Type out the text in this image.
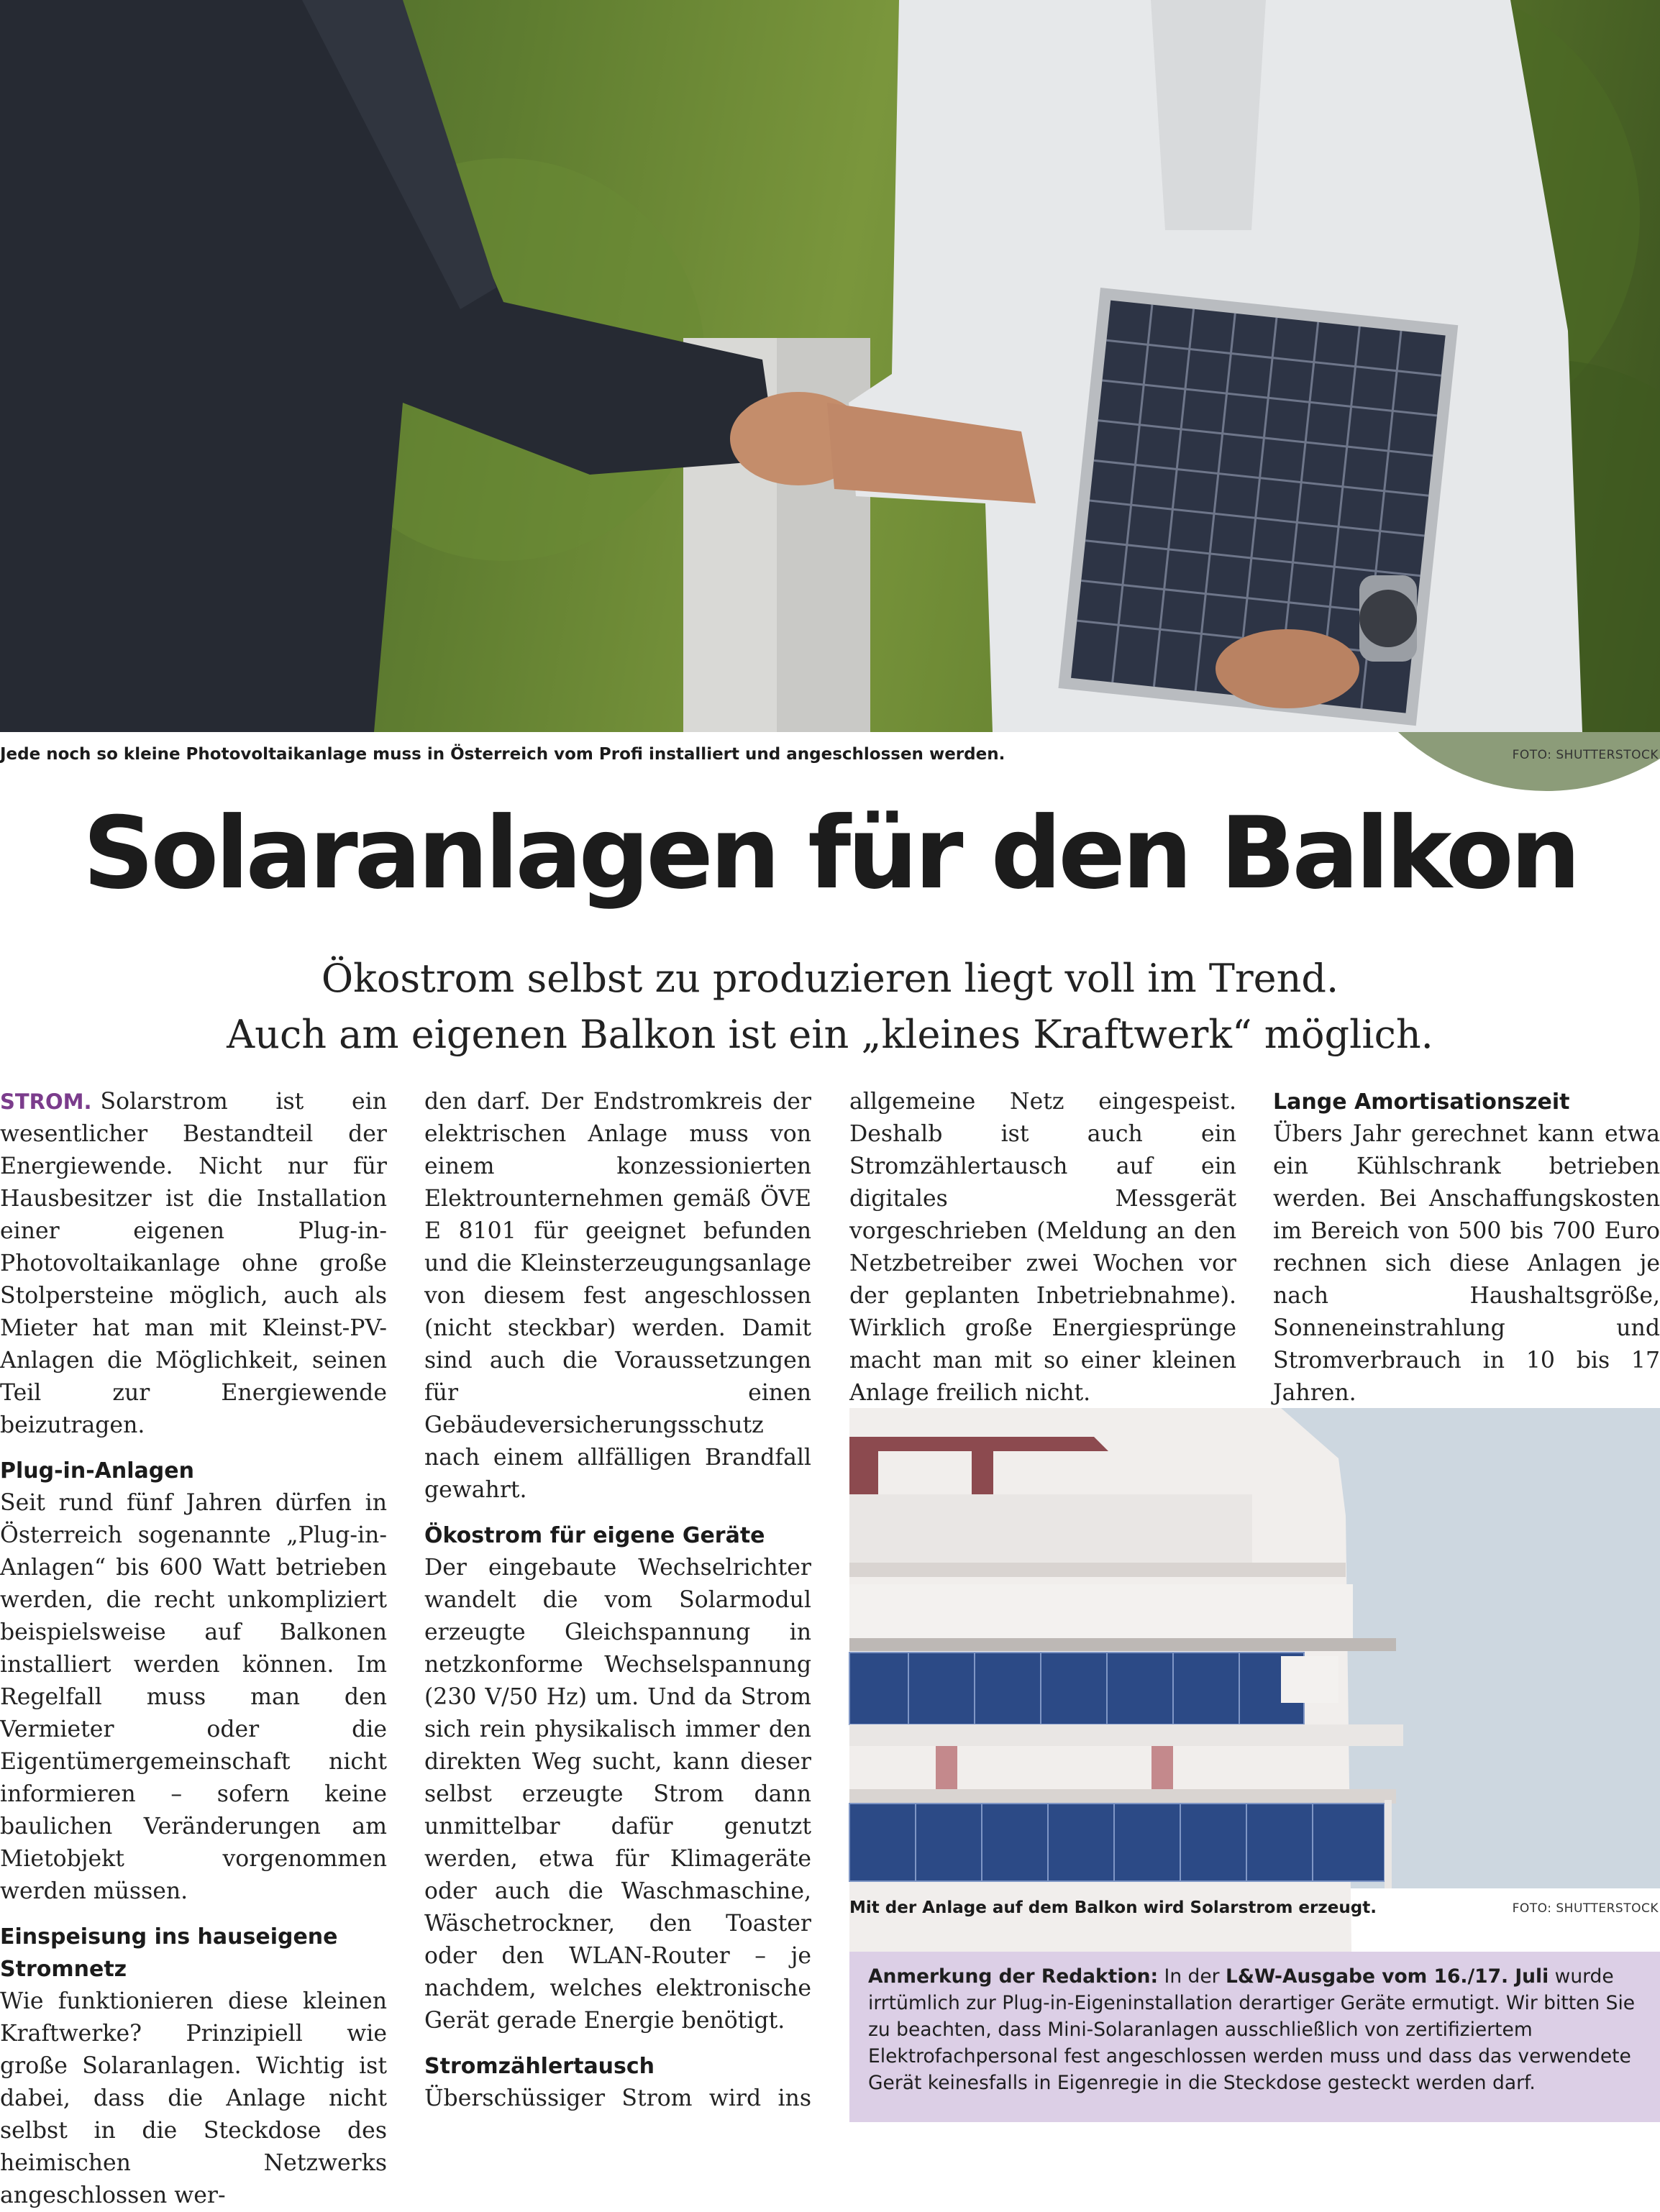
Jede noch so kleine Photovoltaikanlage muss in Österreich vom Profi installiert und angeschlossen werden.	FOTO: SHUTTERSTOCK
Solaranlagen für den Balkon
Ökostrom selbst zu produzieren liegt voll im Trend.
Auch am eigenen Balkon ist ein „kleines Kraftwerk“ möglich.

STROM. Solarstrom ist ein wesentlicher Bestandteil der Energiewende. Nicht nur für Hausbesitzer ist die Installation einer eigenen Plug-in-Photovoltaikanlage ohne große Stolpersteine möglich, auch als Mieter hat man mit Kleinst-PV-Anlagen die Möglichkeit, seinen Teil zur Energiewende beizutragen.

Plug-in-Anlagen

Seit rund fünf Jahren dürfen in Österreich sogenannte „Plug-in-Anlagen“ bis 600 Watt betrieben werden, die recht unkompliziert beispielsweise auf Balkonen installiert werden können. Im Regelfall muss man den Vermieter oder die Eigentümergemeinschaft nicht informieren – sofern keine baulichen Veränderungen am Mietobjekt vorgenommen werden müssen.

Einspeisung ins hauseigene Stromnetz

Wie funktionieren diese kleinen Kraftwerke? Prinzipiell wie große Solaranlagen. Wichtig ist dabei, dass die Anlage nicht selbst in die Steckdose des heimischen Netzwerks angeschlossen wer-

den darf. Der Endstromkreis der elektrischen Anlage muss von einem konzessionierten Elektrounternehmen gemäß ÖVE E 8101 für geeignet befunden und die Kleinsterzeugungsanlage von diesem fest angeschlossen (nicht steckbar) werden. Damit sind auch die Voraussetzungen für einen Gebäudeversicherungsschutz nach einem allfälligen Brandfall gewahrt.

Ökostrom für eigene Geräte

Der eingebaute Wechselrichter wandelt die vom Solarmodul erzeugte Gleichspannung in netzkonforme Wechselspannung (230 V/50 Hz) um. Und da Strom sich rein physikalisch immer den direkten Weg sucht, kann dieser selbst erzeugte Strom dann unmittelbar dafür genutzt werden, etwa für Klimageräte oder auch die Waschmaschine, Wäschetrockner, den Toaster oder den WLAN-Router – je nachdem, welches elektronische Gerät gerade Energie benötigt.

Stromzählertausch

Überschüssiger Strom wird ins

allgemeine Netz eingespeist. Deshalb ist auch ein Stromzählertausch auf ein digitales Messgerät vorgeschrieben (Meldung an den Netzbetreiber zwei Wochen vor der geplanten Inbetriebnahme). Wirklich große Energiesprünge macht man mit so einer kleinen Anlage freilich nicht.

Lange Amortisationszeit

Übers Jahr gerechnet kann etwa ein Kühlschrank betrieben werden. Bei Anschaffungskosten im Bereich von 500 bis 700 Euro rechnen sich diese Anlagen je nach Haushaltsgröße, Sonneneinstrahlung und Stromverbrauch in 10 bis 17 Jahren.

Mit der Anlage auf dem Balkon wird Solarstrom erzeugt.	FOTO: SHUTTERSTOCK
Anmerkung der Redaktion: In der L&W-Ausgabe vom 16./17. Juli wurde irrtümlich zur Plug-in-Eigeninstallation derartiger Geräte ermutigt. Wir bitten Sie zu beachten, dass Mini-Solaranlagen ausschließlich von zertifiziertem Elektrofachpersonal fest angeschlossen werden muss und dass das verwendete Gerät keinesfalls in Eigenregie in die Steckdose gesteckt werden darf.
